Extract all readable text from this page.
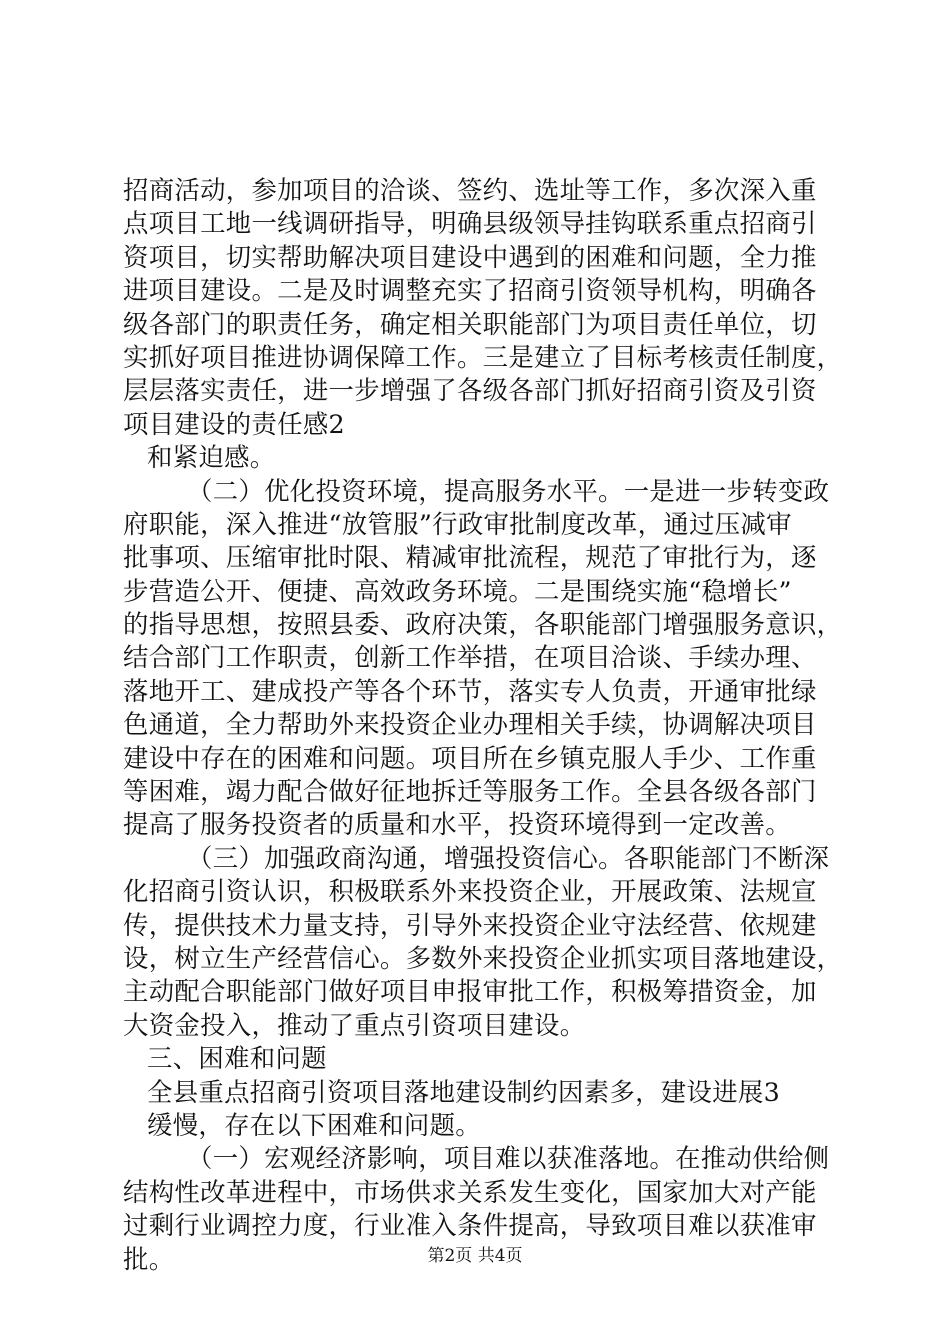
招商活动，参加项目的洽谈、签约、选址等工作，多次深入重
点项目工地一线调研指导，明确县级领导挂钩联系重点招商引
资项目，切实帮助解决项目建设中遇到的困难和问题，全力推
进项目建设。二是及时调整充实了招商引资领导机构，明确各
级各部门的职责任务，确定相关职能部门为项目责任单位，切
实抓好项目推进协调保障工作。三是建立了目标考核责任制度，
层层落实责任，进一步增强了各级各部门抓好招商引资及引资
项目建设的责任感2
和紧迫感。
（二）优化投资环境，提高服务水平。一是进一步转变政
府职能，深入推进“放管服”行政审批制度改革，通过压减审
批事项、压缩审批时限、精减审批流程，规范了审批行为，逐
步营造公开、便捷、高效政务环境。二是围绕实施“稳增长”
的指导思想，按照县委、政府决策，各职能部门增强服务意识，
结合部门工作职责，创新工作举措，在项目洽谈、手续办理、
落地开工、建成投产等各个环节，落实专人负责，开通审批绿
色通道，全力帮助外来投资企业办理相关手续，协调解决项目
建设中存在的困难和问题。项目所在乡镇克服人手少、工作重
等困难，竭力配合做好征地拆迁等服务工作。全县各级各部门
提高了服务投资者的质量和水平，投资环境得到一定改善。
（三）加强政商沟通，增强投资信心。各职能部门不断深
化招商引资认识，积极联系外来投资企业，开展政策、法规宣
传，提供技术力量支持，引导外来投资企业守法经营、依规建
设，树立生产经营信心。多数外来投资企业抓实项目落地建设，
主动配合职能部门做好项目申报审批工作，积极筹措资金，加
大资金投入，推动了重点引资项目建设。
三、困难和问题
全县重点招商引资项目落地建设制约因素多，建设进展3
缓慢，存在以下困难和问题。
（一）宏观经济影响，项目难以获准落地。在推动供给侧
结构性改革进程中，市场供求关系发生变化，国家加大对产能
过剩行业调控力度，行业准入条件提高，导致项目难以获准审
批。	第2页 共4页
